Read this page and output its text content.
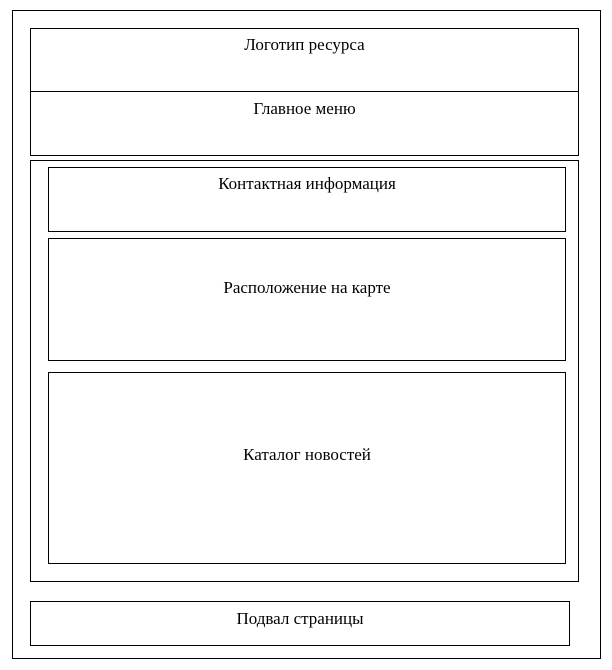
Логотип ресурса
Главное меню
Контактная информация
Расположение на карте
Каталог новостей
Подвал страницы
